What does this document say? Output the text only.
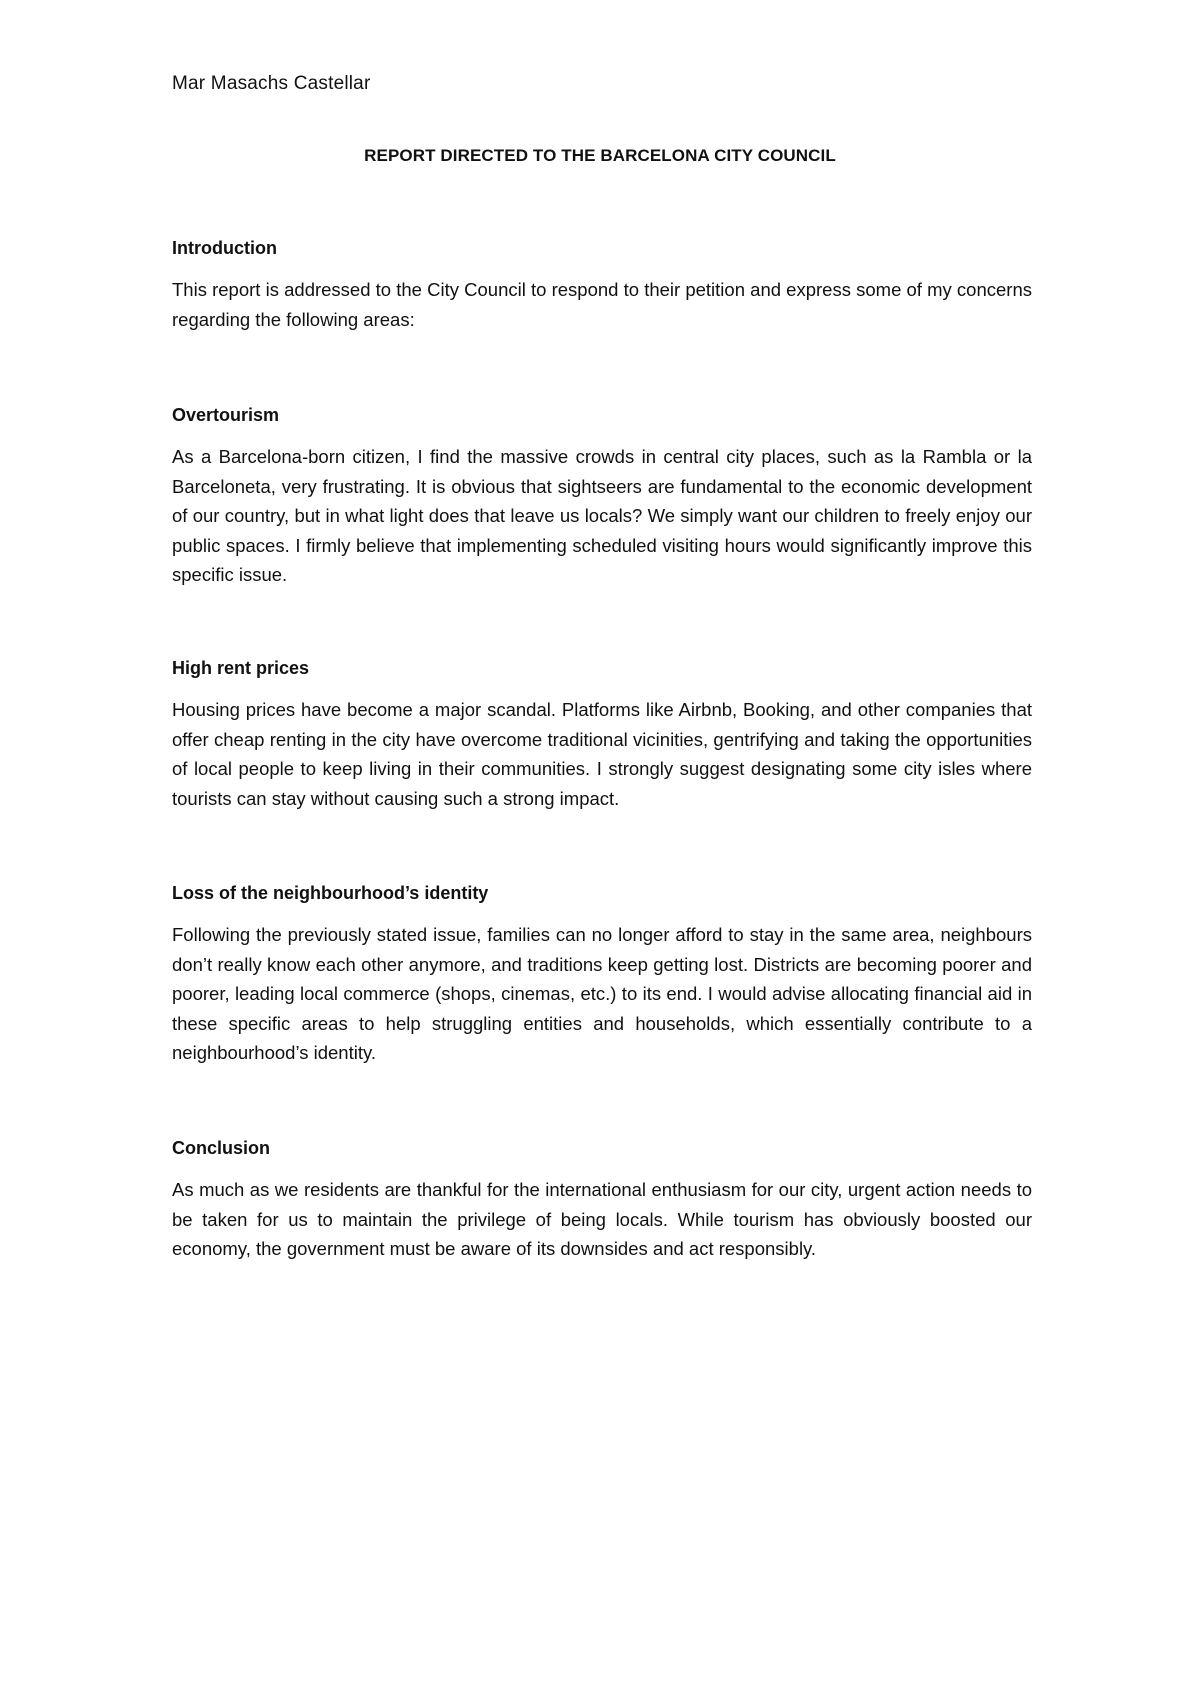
Mar Masachs Castellar
REPORT DIRECTED TO THE BARCELONA CITY COUNCIL
Introduction

This report is addressed to the City Council to respond to their petition and express some of my concerns regarding the following areas:

Overtourism

As a Barcelona-born citizen, I find the massive crowds in central city places, such as la Rambla or la Barceloneta, very frustrating. It is obvious that sightseers are fundamental to the economic development of our country, but in what light does that leave us locals? We simply want our children to freely enjoy our public spaces. I firmly believe that implementing scheduled visiting hours would significantly improve this specific issue.

High rent prices

Housing prices have become a major scandal. Platforms like Airbnb, Booking, and other companies that offer cheap renting in the city have overcome traditional vicinities, gentrifying and taking the opportunities of local people to keep living in their communities. I strongly suggest designating some city isles where tourists can stay without causing such a strong impact.

Loss of the neighbourhood’s identity

Following the previously stated issue, families can no longer afford to stay in the same area, neighbours don’t really know each other anymore, and traditions keep getting lost. Districts are becoming poorer and poorer, leading local commerce (shops, cinemas, etc.) to its end. I would advise allocating financial aid in these specific areas to help struggling entities and households, which essentially contribute to a neighbourhood’s identity.

Conclusion

As much as we residents are thankful for the international enthusiasm for our city, urgent action needs to be taken for us to maintain the privilege of being locals. While tourism has obviously boosted our economy, the government must be aware of its downsides and act responsibly.
